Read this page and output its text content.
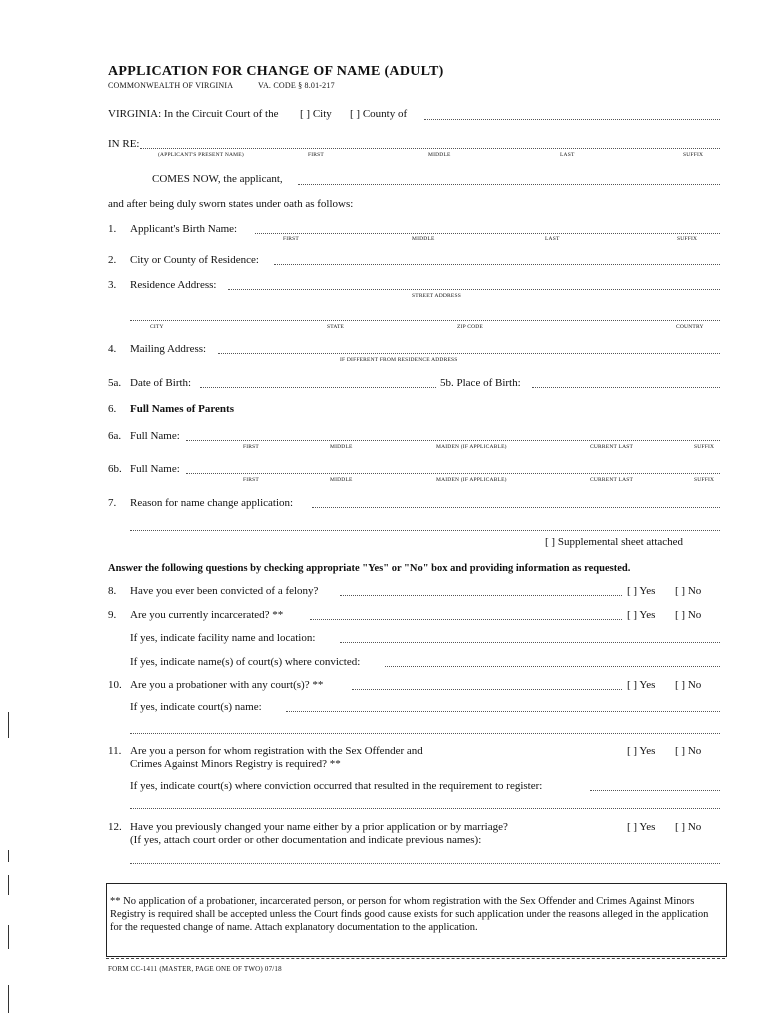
APPLICATION FOR CHANGE OF NAME (ADULT)
COMMONWEALTH OF VIRGINIA	VA. CODE § 8.01-217
VIRGINIA: In the Circuit Court of the [ ] City [ ] County of
IN RE:
(APPLICANT'S PRESENT NAME)	FIRST	MIDDLE	LAST	SUFFIX
COMES NOW, the applicant,
and after being duly sworn states under oath as follows:
1. Applicant's Birth Name:
FIRST	MIDDLE	LAST	SUFFIX
2. City or County of Residence:
3. Residence Address:
STREET ADDRESS
CITY	STATE	ZIP CODE	COUNTRY
4. Mailing Address:
IF DIFFERENT FROM RESIDENCE ADDRESS
5a. Date of Birth:	5b. Place of Birth:
6. Full Names of Parents
6a. Full Name:
FIRST	MIDDLE	MAIDEN (IF APPLICABLE)	CURRENT LAST	SUFFIX
6b. Full Name:
FIRST	MIDDLE	MAIDEN (IF APPLICABLE)	CURRENT LAST	SUFFIX
7. Reason for name change application:
[ ] Supplemental sheet attached
Answer the following questions by checking appropriate "Yes" or "No" box and providing information as requested.
8. Have you ever been convicted of a felony?	[ ] Yes [ ] No
9. Are you currently incarcerated? **	[ ] Yes [ ] No
If yes, indicate facility name and location:
If yes, indicate name(s) of court(s) where convicted:
10. Are you a probationer with any court(s)? **	[ ] Yes [ ] No
If yes, indicate court(s) name:
11. Are you a person for whom registration with the Sex Offender and
Crimes Against Minors Registry is required? **
[ ] Yes [ ] No
If yes, indicate court(s) where conviction occurred that resulted in the requirement to register:
12. Have you previously changed your name either by a prior application or by marriage?
(If yes, attach court order or other documentation and indicate previous names):
[ ] Yes [ ] No
** No application of a probationer, incarcerated person, or person for whom registration with the Sex Offender and Crimes Against Minors Registry is required shall be accepted unless the Court finds good cause exists for such application under the reasons alleged in the application for the requested change of name. Attach explanatory documentation to the application.
FORM CC-1411 (MASTER, PAGE ONE OF TWO) 07/18
